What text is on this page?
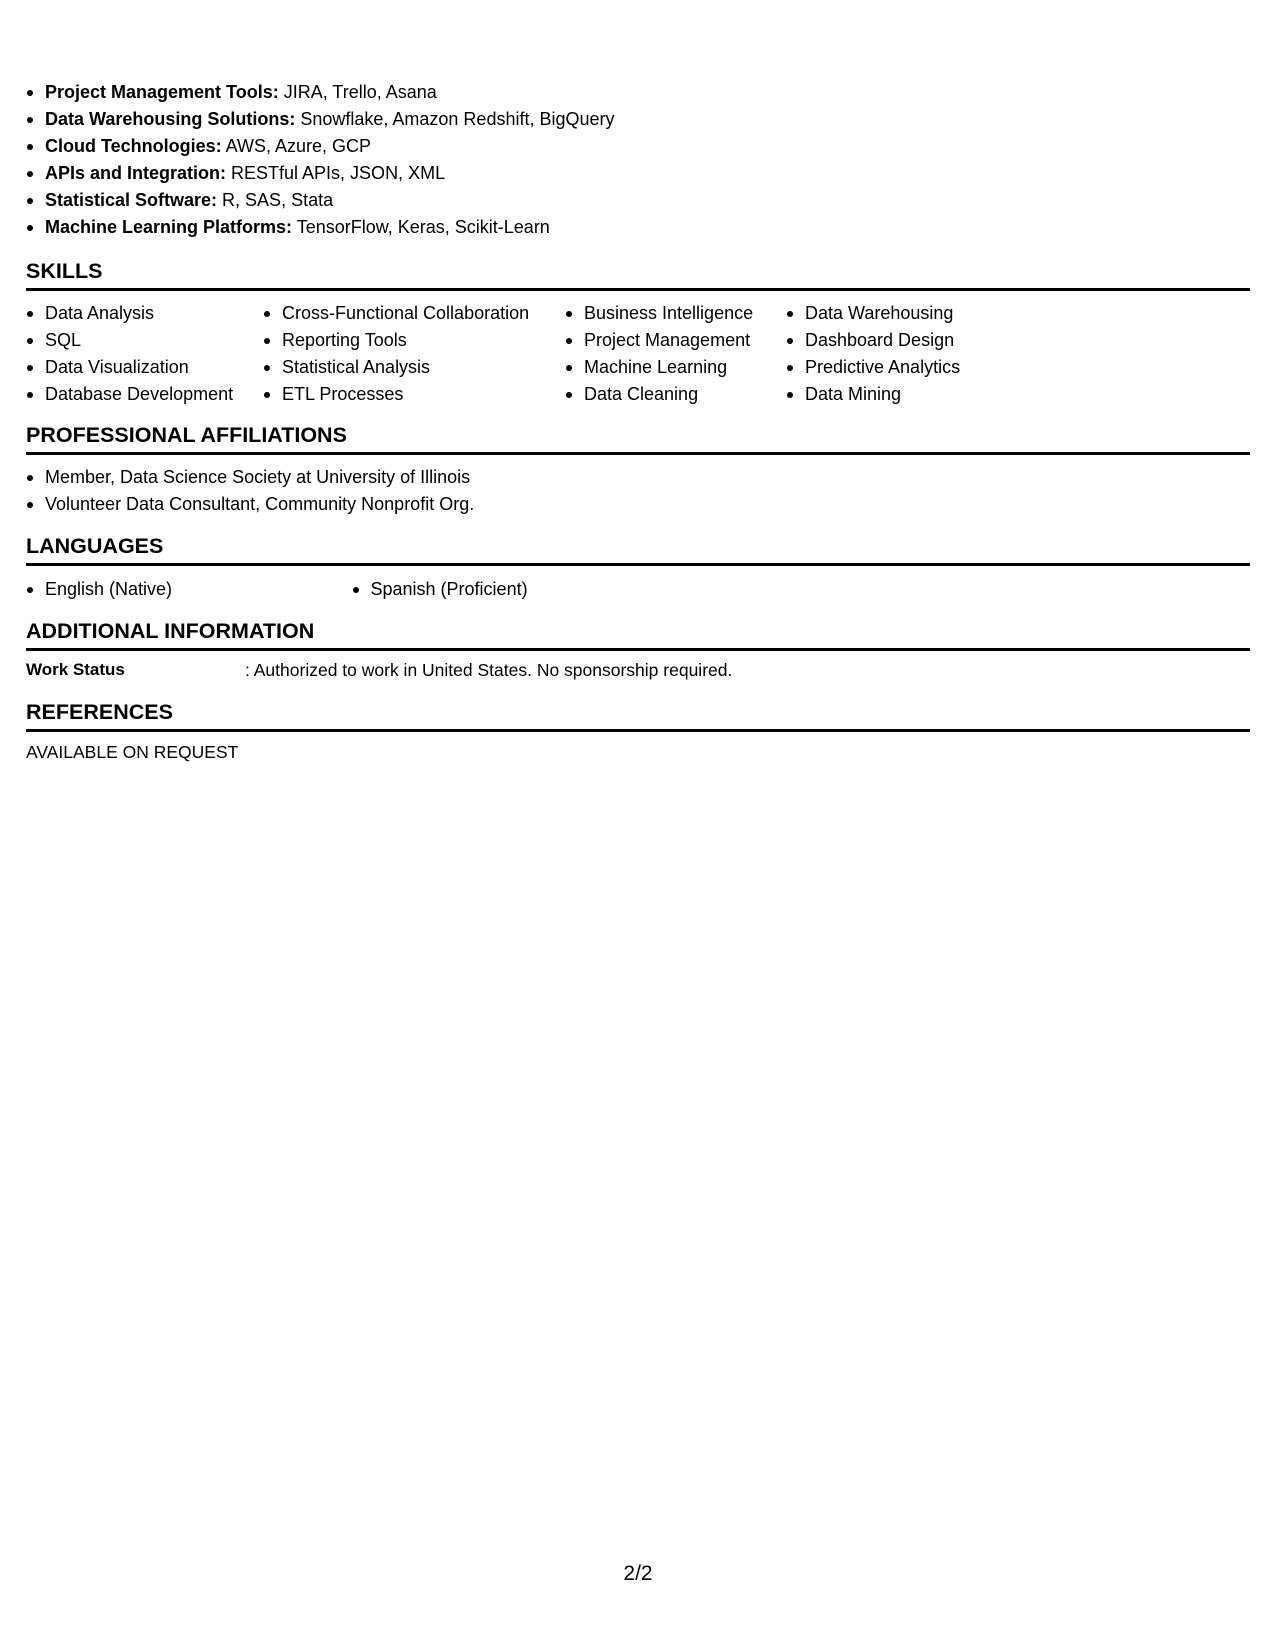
Project Management Tools: JIRA, Trello, Asana
Data Warehousing Solutions: Snowflake, Amazon Redshift, BigQuery
Cloud Technologies: AWS, Azure, GCP
APIs and Integration: RESTful APIs, JSON, XML
Statistical Software: R, SAS, Stata
Machine Learning Platforms: TensorFlow, Keras, Scikit-Learn
SKILLS
Data Analysis
SQL
Data Visualization
Database Development
Cross-Functional Collaboration
Reporting Tools
Statistical Analysis
ETL Processes
Business Intelligence
Project Management
Machine Learning
Data Cleaning
Data Warehousing
Dashboard Design
Predictive Analytics
Data Mining
PROFESSIONAL AFFILIATIONS
Member, Data Science Society at University of Illinois
Volunteer Data Consultant, Community Nonprofit Org.
LANGUAGES
English (Native)	Spanish (Proficient)
ADDITIONAL INFORMATION
Work Status	: Authorized to work in United States. No sponsorship required.
REFERENCES
AVAILABLE ON REQUEST
2/2
